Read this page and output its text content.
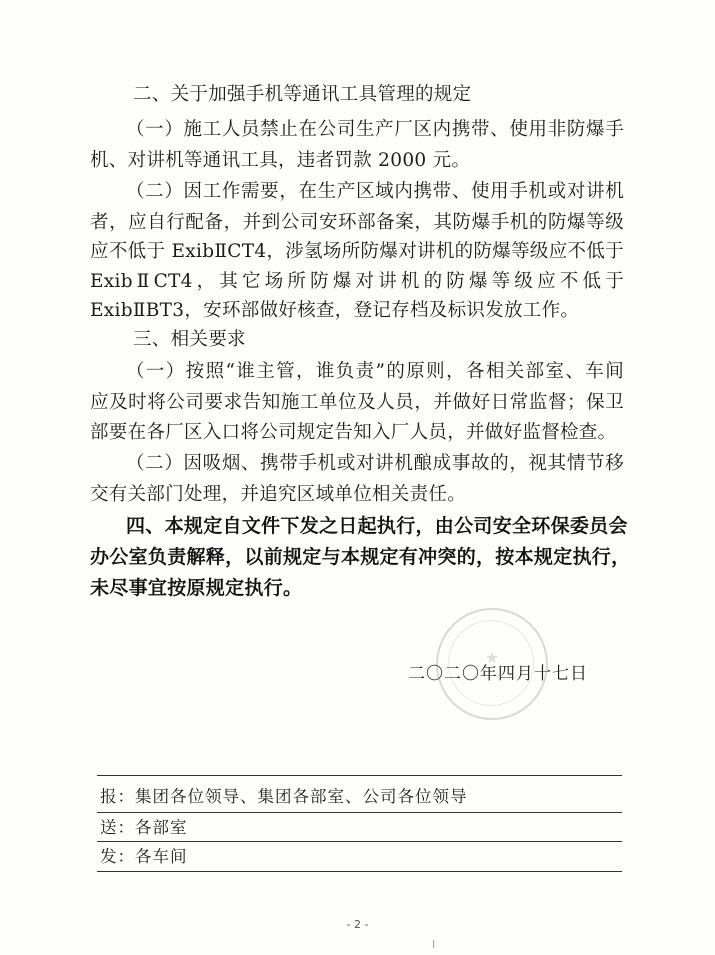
二、关于加强手机等通讯工具管理的规定
（一）施工人员禁止在公司生产厂区内携带、使用非防爆手
机、对讲机等通讯工具，违者罚款 2000 元。
（二）因工作需要，在生产区域内携带、使用手机或对讲机
者，应自行配备，并到公司安环部备案，其防爆手机的防爆等级
应不低于 ExibⅡCT4，涉氢场所防爆对讲机的防爆等级应不低于
ExibⅡCT4，其它场所防爆对讲机的防爆等级应不低于
ExibⅡBT3，安环部做好核查，登记存档及标识发放工作。
三、相关要求
（一）按照“谁主管，谁负责”的原则，各相关部室、车间
应及时将公司要求告知施工单位及人员，并做好日常监督；保卫
部要在各厂区入口将公司规定告知入厂人员，并做好监督检查。
（二）因吸烟、携带手机或对讲机酿成事故的，视其情节移
交有关部门处理，并追究区域单位相关责任。
四、本规定自文件下发之日起执行，由公司安全环保委员会
办公室负责解释，以前规定与本规定有冲突的，按本规定执行，
未尽事宜按原规定执行。
★
二〇二〇年四月十七日
报：集团各位领导、集团各部室、公司各位领导
送：各部室
发：各车间
- 2 -
